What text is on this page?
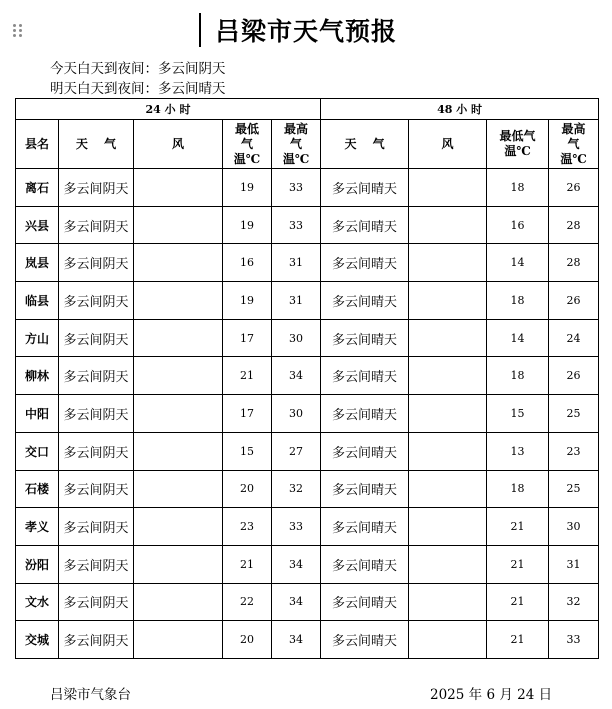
吕梁市天气预报
今天白天到夜间：多云间阴天
明天白天到夜间：多云间晴天
24 小 时					48 小 时			
县名	天　 气	风	最低气温℃	最高气温℃	天　 气	风	最低气温℃	最高气温℃
离石	多云间阴天		19	33	多云间晴天		18	26
兴县	多云间阴天		19	33	多云间晴天		16	28
岚县	多云间阴天		16	31	多云间晴天		14	28
临县	多云间阴天		19	31	多云间晴天		18	26
方山	多云间阴天		17	30	多云间晴天		14	24
柳林	多云间阴天		21	34	多云间晴天		18	26
中阳	多云间阴天		17	30	多云间晴天		15	25
交口	多云间阴天		15	27	多云间晴天		13	23
石楼	多云间阴天		20	32	多云间晴天		18	25
孝义	多云间阴天		23	33	多云间晴天		21	30
汾阳	多云间阴天		21	34	多云间晴天		21	31
文水	多云间阴天		22	34	多云间晴天		21	32
交城	多云间阴天		20	34	多云间晴天		21	33
吕梁市气象台	2025 年 6 月 24 日
